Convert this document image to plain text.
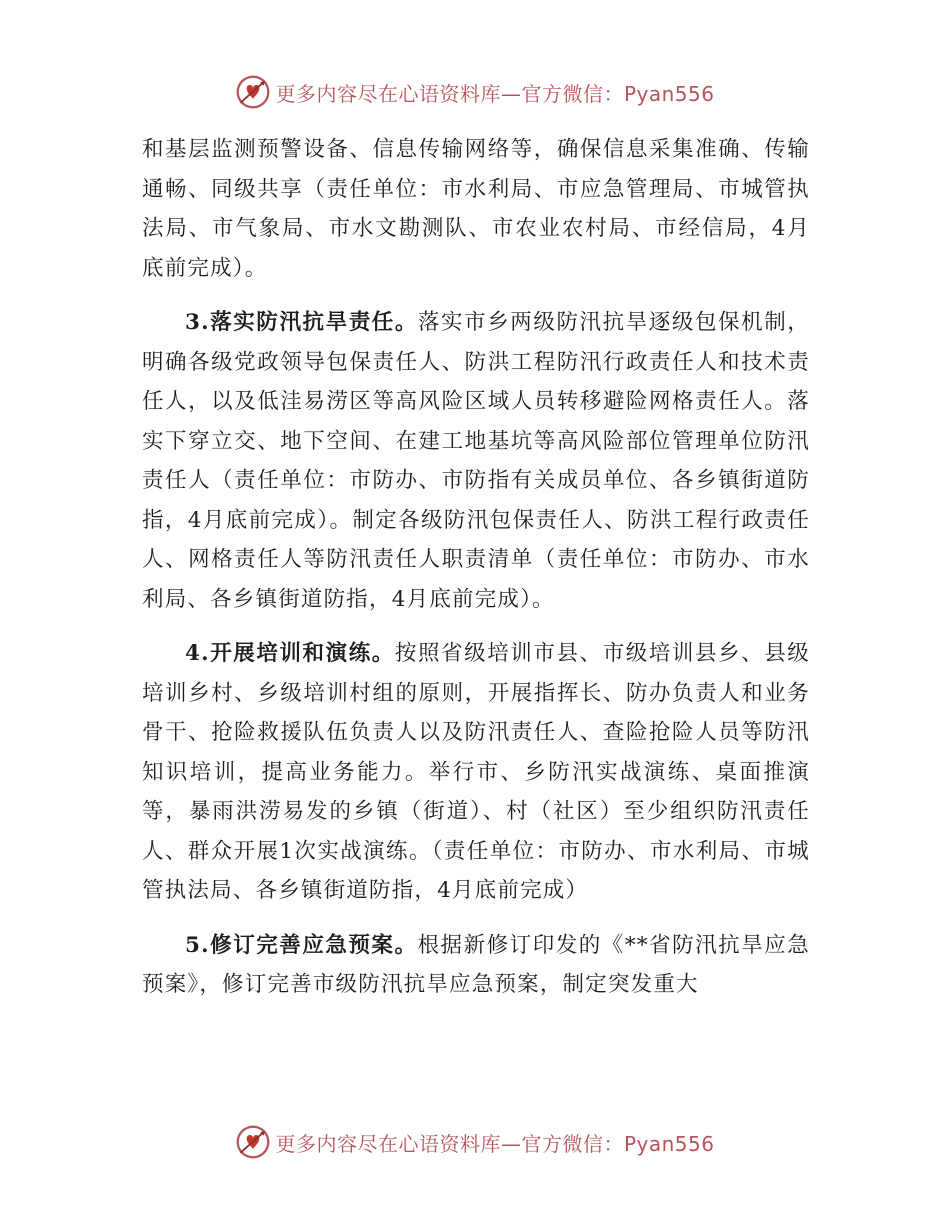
更多内容尽在心语资料库—官方微信：Pyan556

和基层监测预警设备、信息传输网络等，确保信息采集准确、传输通畅、同级共享（责任单位：市水利局、市应急管理局、市城管执法局、市气象局、市水文勘测队、市农业农村局、市经信局，4月底前完成）。

3.落实防汛抗旱责任。落实市乡两级防汛抗旱逐级包保机制，明确各级党政领导包保责任人、防洪工程防汛行政责任人和技术责任人，以及低洼易涝区等高风险区域人员转移避险网格责任人。落实下穿立交、地下空间、在建工地基坑等高风险部位管理单位防汛责任人（责任单位：市防办、市防指有关成员单位、各乡镇街道防指，4月底前完成）。制定各级防汛包保责任人、防洪工程行政责任人、网格责任人等防汛责任人职责清单（责任单位：市防办、市水利局、各乡镇街道防指，4月底前完成）。

4.开展培训和演练。按照省级培训市县、市级培训县乡、县级培训乡村、乡级培训村组的原则，开展指挥长、防办负责人和业务骨干、抢险救援队伍负责人以及防汛责任人、查险抢险人员等防汛知识培训，提高业务能力。举行市、乡防汛实战演练、桌面推演等，暴雨洪涝易发的乡镇（街道）、村（社区）至少组织防汛责任人、群众开展1次实战演练。（责任单位：市防办、市水利局、市城管执法局、各乡镇街道防指，4月底前完成）

5.修订完善应急预案。根据新修订印发的《**省防汛抗旱应急预案》，修订完善市级防汛抗旱应急预案，制定突发重大

更多内容尽在心语资料库—官方微信：Pyan556
